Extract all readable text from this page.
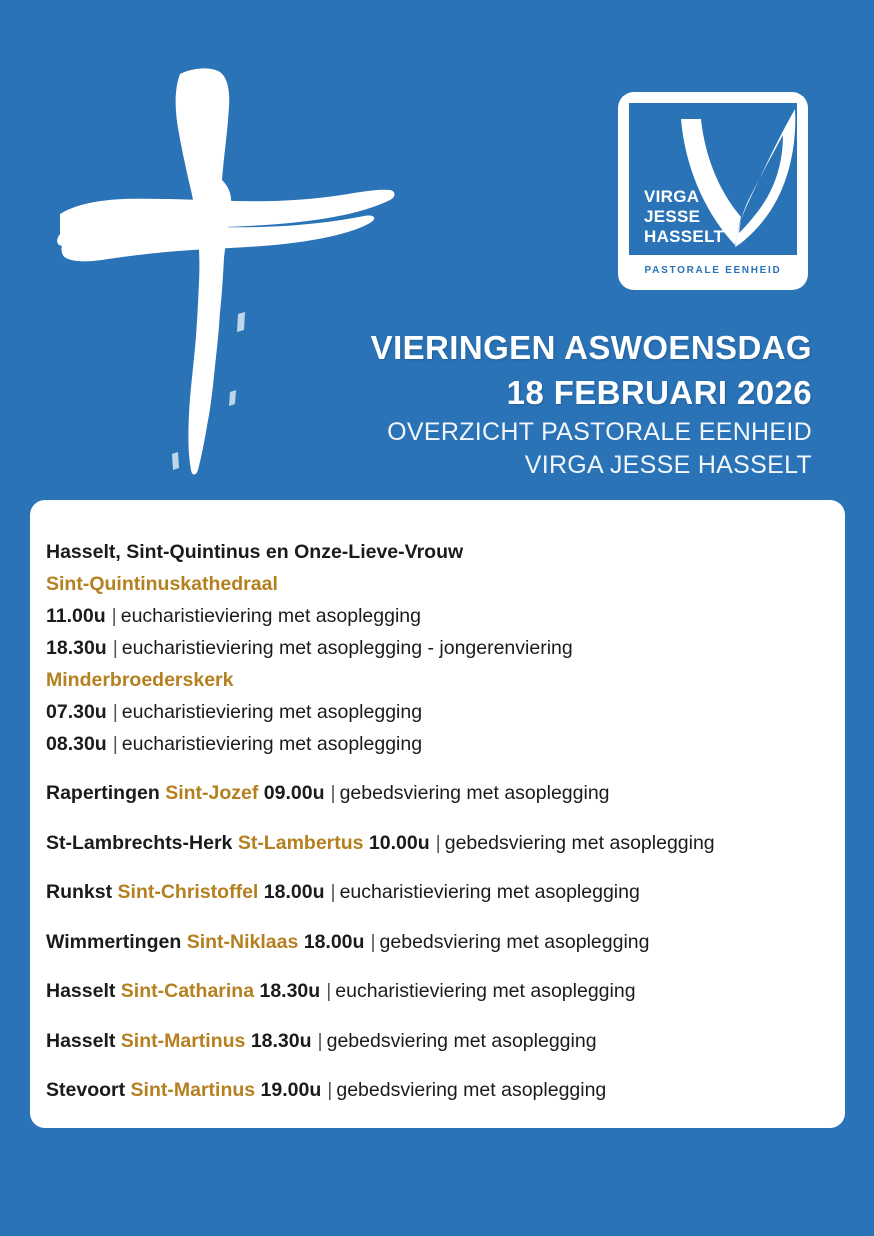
VIRGA
JESSE
HASSELT
PASTORALE EENHEID
VIERINGEN ASWOENSDAG
18 FEBRUARI 2026
OVERZICHT PASTORALE EENHEID
VIRGA JESSE HASSELT
Hasselt, Sint-Quintinus en Onze-Lieve-Vrouw
Sint-Quintinuskathedraal
11.00u | eucharistieviering met asoplegging
18.30u | eucharistieviering met asoplegging - jongerenviering
Minderbroederskerk
07.30u | eucharistieviering met asoplegging
08.30u | eucharistieviering met asoplegging
Rapertingen Sint-Jozef 09.00u | gebedsviering met asoplegging
St-Lambrechts-Herk St-Lambertus 10.00u | gebedsviering met asoplegging
Runkst Sint-Christoffel 18.00u | eucharistieviering met asoplegging
Wimmertingen Sint-Niklaas 18.00u | gebedsviering met asoplegging
Hasselt Sint-Catharina 18.30u | eucharistieviering met asoplegging
Hasselt Sint-Martinus 18.30u | gebedsviering met asoplegging
Stevoort Sint-Martinus 19.00u | gebedsviering met asoplegging
